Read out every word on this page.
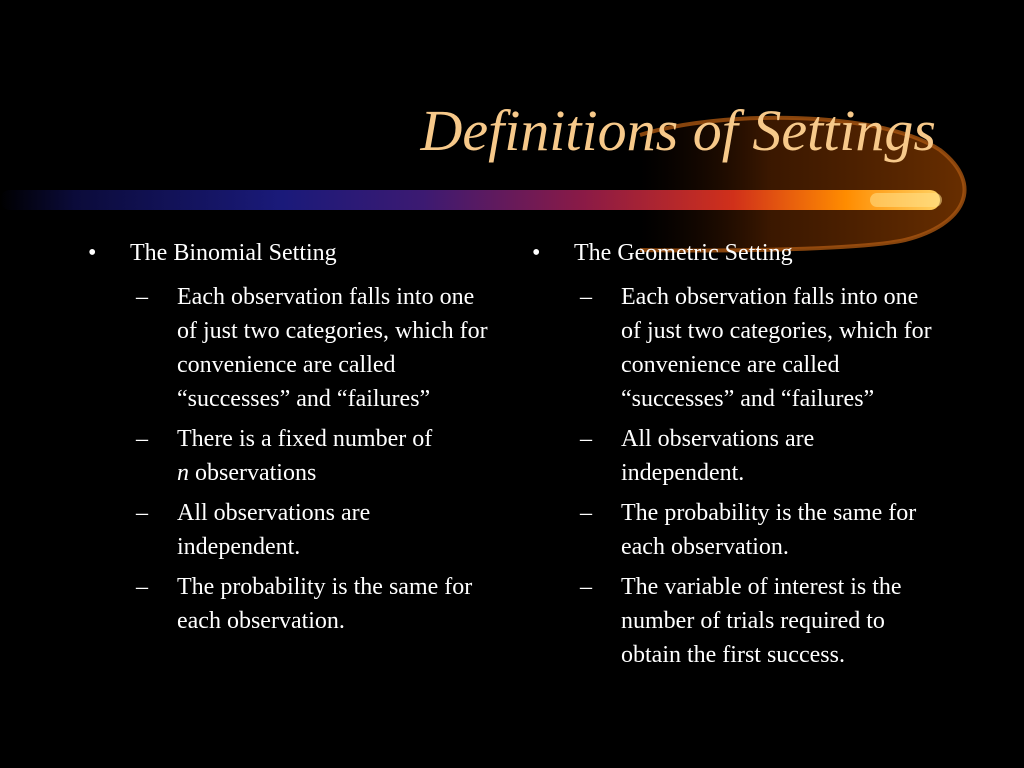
Definitions of Settings
•	The Binomial Setting
–	Each observation falls into one of just two categories, which for convenience are called “successes” and “failures”
–	There is a fixed number of
n observations
–	All observations are independent.
–	The probability is the same for each observation.
•	The Geometric Setting
–	Each observation falls into one of just two categories, which for convenience are called “successes” and “failures”
–	All observations are independent.
–	The probability is the same for each observation.
–	The variable of interest is the number of trials required to obtain the first success.
